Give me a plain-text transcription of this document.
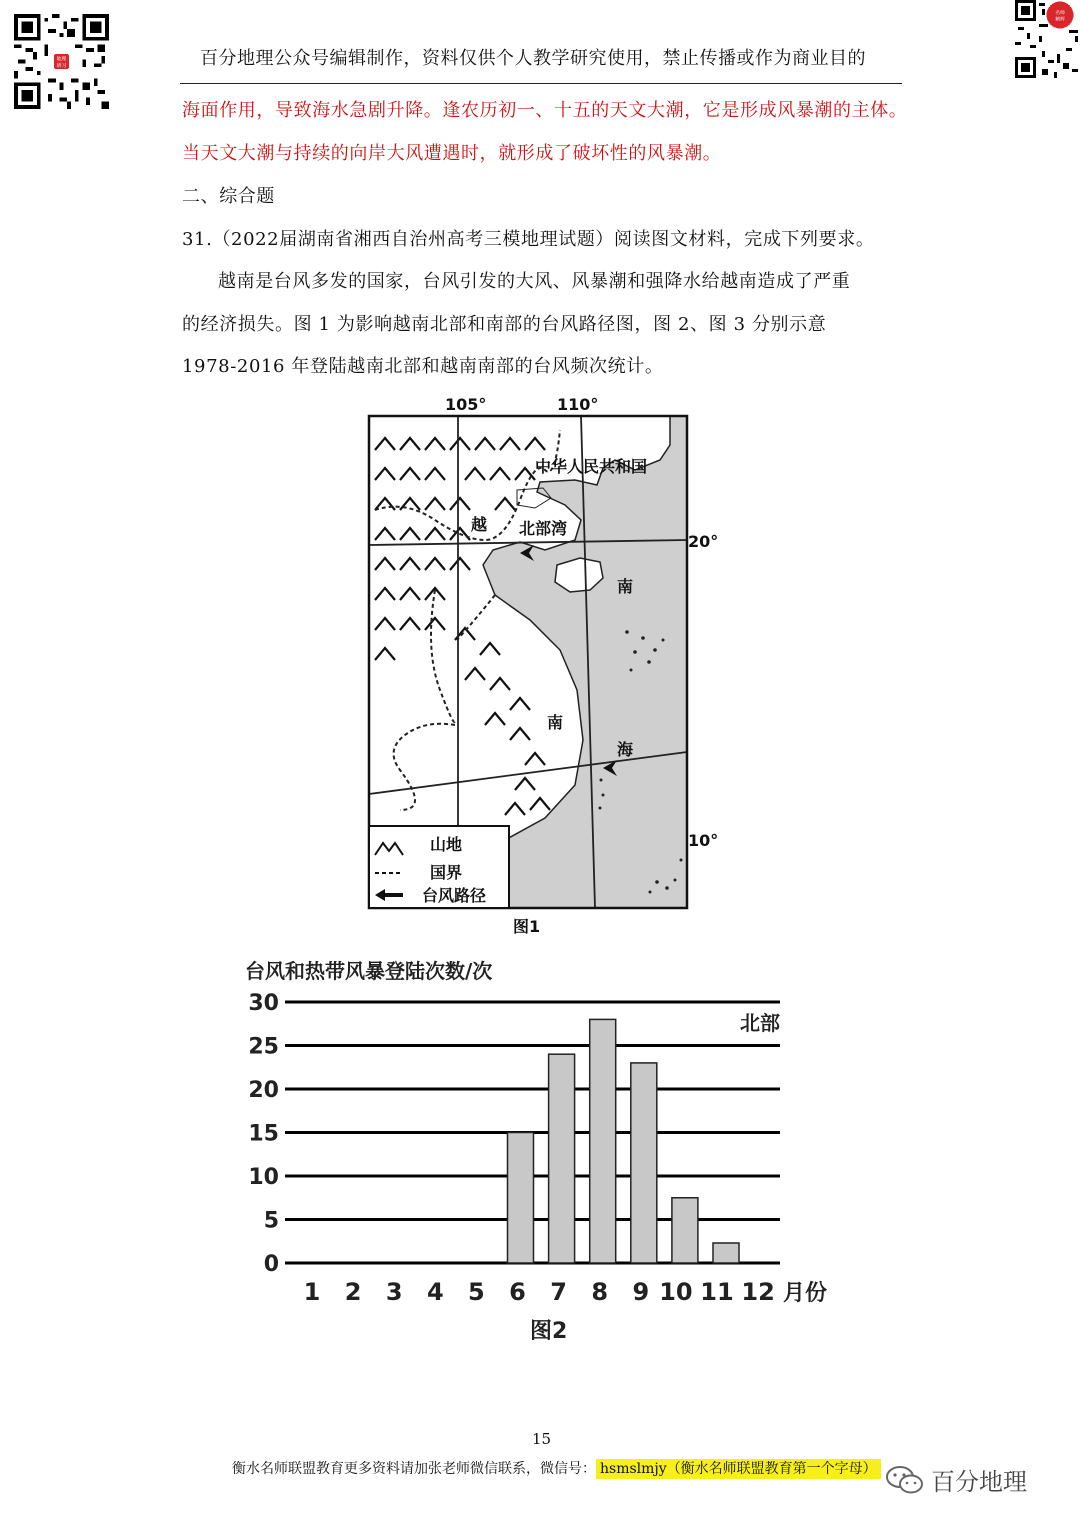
地理
研习
名师
精辉
百分地理公众号编辑制作，资料仅供个人教学研究使用，禁止传播或作为商业目的
海面作用，导致海水急剧升降。逢农历初一、十五的天文大潮，它是形成风暴潮的主体。
当天文大潮与持续的向岸大风遭遇时，就形成了破坏性的风暴潮。
二、综合题
31.（2022届湖南省湘西自治州高考三模地理试题）阅读图文材料，完成下列要求。
越南是台风多发的国家，台风引发的大风、风暴潮和强降水给越南造成了严重
的经济损失。图 1 为影响越南北部和南部的台风路径图，图 2、图 3 分别示意
1978-2016 年登陆越南北部和越南南部的台风频次统计。
山地
国界
台风路径
105°	110°
20°
10°
中华人民共和国
越 北部湾
南
南
海
图1
台风和热带风暴登陆次数/次
北部
0
5
10
15
20
25
30
1 2 3 4 5 6 7 8 9 10 11 12 月份
图2
15
衡水名师联盟教育更多资料请加张老师微信联系，微信号： hsmslmjy（衡水名师联盟教育第一个字母） 百分地理
